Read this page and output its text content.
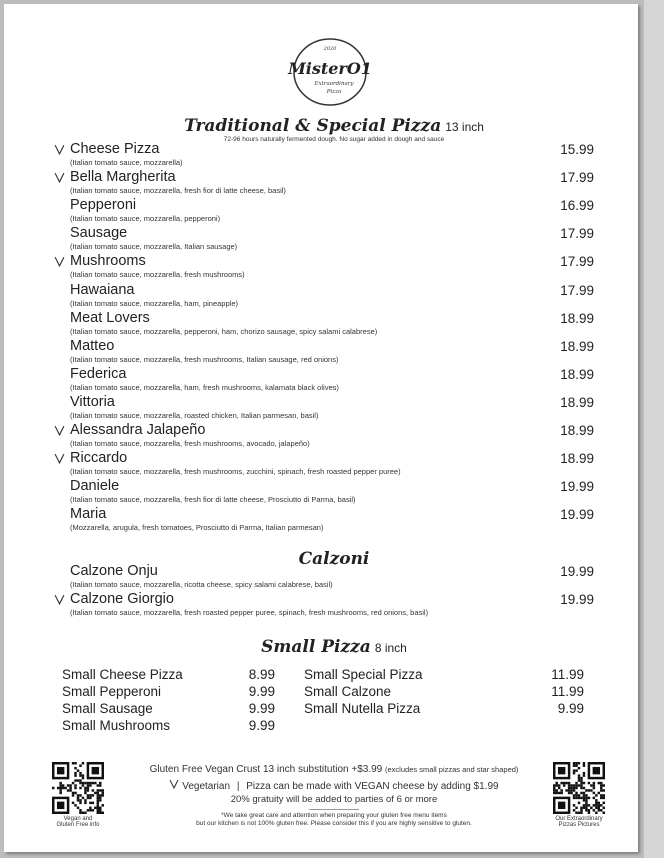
2020
MisterO1
Extraordinary
Pizza
Traditional & Special Pizza 13 inch
72-96 hours naturally fermented dough. No sugar added in dough and sauce
Cheese Pizza
(Italian tomato sauce, mozzarella)
15.99
Bella Margherita
(Italian tomato sauce, mozzarella, fresh fior di latte cheese, basil)
17.99
Pepperoni
(Italian tomato sauce, mozzarella, pepperoni)
16.99
Sausage
(Italian tomato sauce, mozzarella, Italian sausage)
17.99
Mushrooms
(Italian tomato sauce, mozzarella, fresh mushrooms)
17.99
Hawaiana
(Italian tomato sauce, mozzarella, ham, pineapple)
17.99
Meat Lovers
(Italian tomato sauce, mozzarella, pepperoni, ham, chorizo sausage, spicy salami calabrese)
18.99
Matteo
(Italian tomato sauce, mozzarella, fresh mushrooms, Italian sausage, red onions)
18.99
Federica
(Italian tomato sauce, mozzarella, ham, fresh mushrooms, kalamata black olives)
18.99
Vittoria
(Italian tomato sauce, mozzarella, roasted chicken, Italian parmesan, basil)
18.99
Alessandra Jalapeño
(Italian tomato sauce, mozzarella, fresh mushrooms, avocado, jalapeño)
18.99
Riccardo
(Italian tomato sauce, mozzarella, fresh mushrooms, zucchini, spinach, fresh roasted pepper puree)
18.99
Daniele
(Italian tomato sauce, mozzarella, fresh fior di latte cheese, Prosciutto di Parma, basil)
19.99
Maria
(Mozzarella, arugula, fresh tomatoes, Prosciutto di Parma, Italian parmesan)
19.99
Calzoni
Calzone Onju
(Italian tomato sauce, mozzarella, ricotta cheese, spicy salami calabrese, basil)
19.99
Calzone Giorgio
(Italian tomato sauce, mozzarella, fresh roasted pepper puree, spinach, fresh mushrooms, red onions, basil)
19.99
Small Pizza 8 inch
Small Cheese Pizza	8.99
Small Pepperoni	9.99
Small Sausage	9.99
Small Mushrooms	9.99
Small Special Pizza	11.99
Small Calzone	11.99
Small Nutella Pizza	9.99
Vegan and
Gluten Free info
Our Extraordinary
Pizzas Pictures
Gluten Free Vegan Crust 13 inch substitution +$3.99 (excludes small pizzas and star shaped)
Vegetarian | Pizza can be made with VEGAN cheese by adding $1.99
20% gratuity will be added to parties of 6 or more
*We take great care and attention when preparing your gluten free menu items
but our kitchen is not 100% gluten free. Please consider this if you are highly sensitive to gluten.
